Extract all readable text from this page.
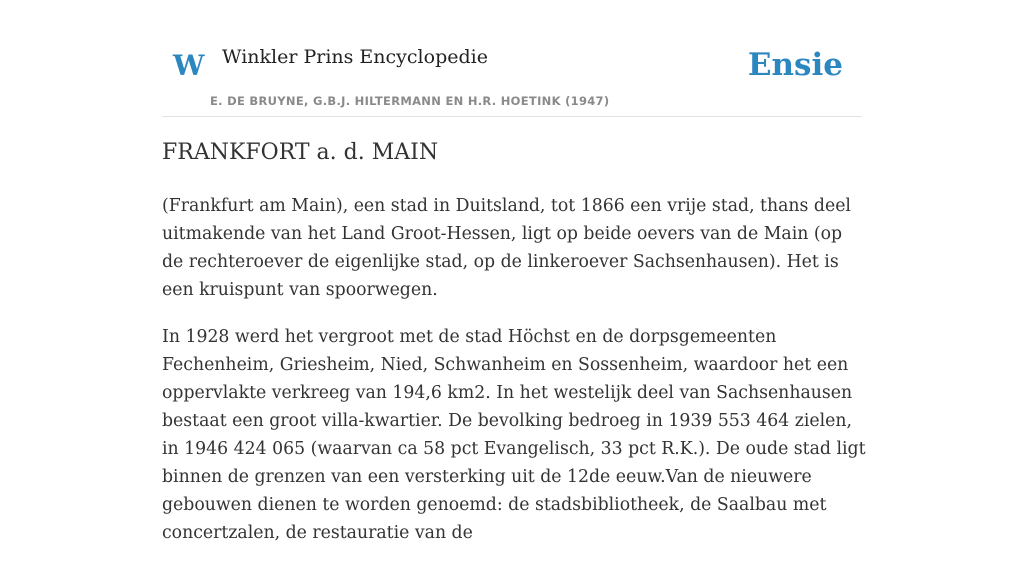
W Winkler Prins Encyclopedie
E. DE BRUYNE, G.B.J. HILTERMANN EN H.R. HOETINK (1947)
Ensie
FRANKFORT a. d. MAIN

(Frankfurt am Main), een stad in Duitsland, tot 1866 een vrije stad, thans deel uitmakende van het Land Groot-Hessen, ligt op beide oevers van de Main (op de rechteroever de eigenlijke stad, op de linkeroever Sachsenhausen). Het is een kruispunt van spoorwegen.

In 1928 werd het vergroot met de stad Höchst en de dorpsgemeenten Fechenheim, Griesheim, Nied, Schwanheim en Sossenheim, waardoor het een oppervlakte verkreeg van 194,6 km2. In het westelijk deel van Sachsenhausen bestaat een groot villa-kwartier. De bevolking bedroeg in 1939 553 464 zielen, in 1946 424 065 (waarvan ca 58 pct Evangelisch, 33 pct R.K.). De oude stad ligt binnen de grenzen van een versterking uit de 12de eeuw.Van de nieuwere gebouwen dienen te worden genoemd: de stadsbibliotheek, de Saalbau met concertzalen, de restauratie van de
